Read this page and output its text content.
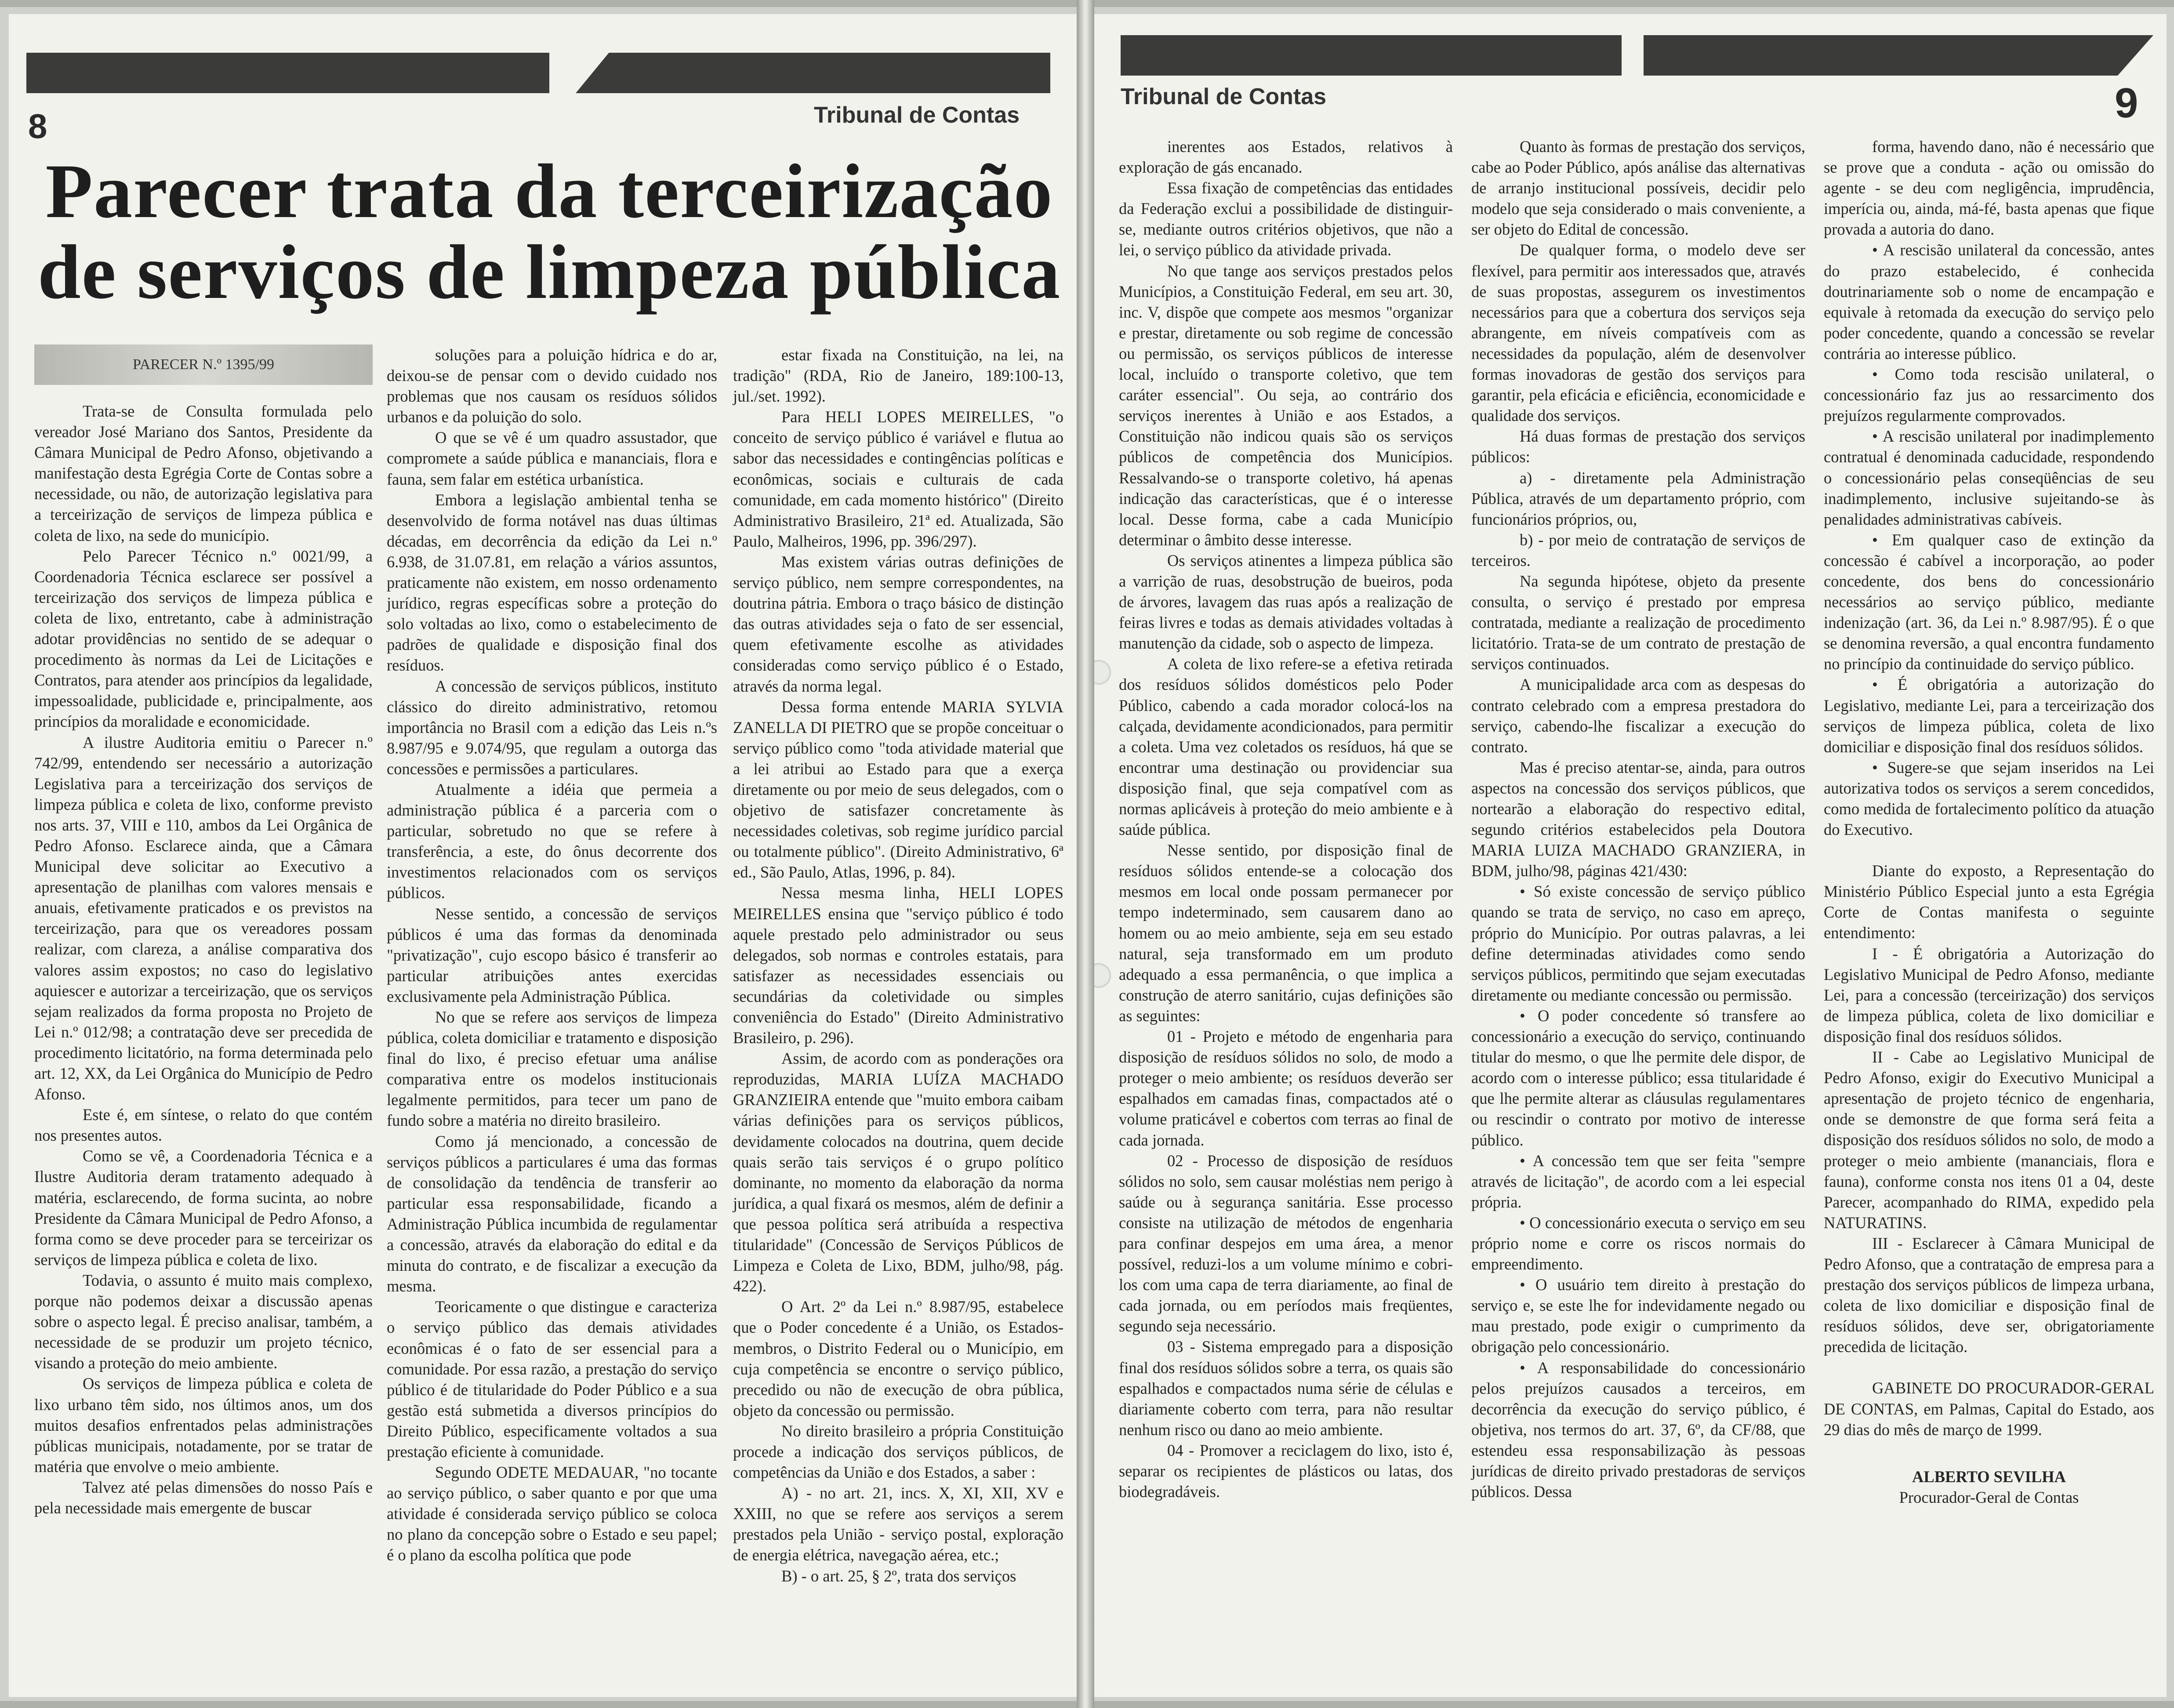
8	Tribunal de Contas
Parecer trata da terceirização de serviços de limpeza pública
PARECER N.º 1395/99

Trata-se de Consulta formulada pelo vereador José Mariano dos Santos, Presidente da Câmara Municipal de Pedro Afonso, objetivando a manifestação desta Egrégia Corte de Contas sobre a necessidade, ou não, de autorização legislativa para a terceirização de serviços de limpeza pública e coleta de lixo, na sede do município.

Pelo Parecer Técnico n.º 0021/99, a Coordenadoria Técnica esclarece ser possível a terceirização dos serviços de limpeza pública e coleta de lixo, entretanto, cabe à administração adotar providências no sentido de se adequar o procedimento às normas da Lei de Licitações e Contratos, para atender aos princípios da legalidade, impessoalidade, publicidade e, principalmente, aos princípios da moralidade e economicidade.

A ilustre Auditoria emitiu o Parecer n.º 742/99, entendendo ser necessário a autorização Legislativa para a terceirização dos serviços de limpeza pública e coleta de lixo, conforme previsto nos arts. 37, VIII e 110, ambos da Lei Orgânica de Pedro Afonso. Esclarece ainda, que a Câmara Municipal deve solicitar ao Executivo a apresentação de planilhas com valores mensais e anuais, efetivamente praticados e os previstos na terceirização, para que os vereadores possam realizar, com clareza, a análise comparativa dos valores assim expostos; no caso do legislativo aquiescer e autorizar a terceirização, que os serviços sejam realizados da forma proposta no Projeto de Lei n.º 012/98; a contratação deve ser precedida de procedimento licitatório, na forma determinada pelo art. 12, XX, da Lei Orgânica do Município de Pedro Afonso.

Este é, em síntese, o relato do que contém nos presentes autos.

Como se vê, a Coordenadoria Técnica e a Ilustre Auditoria deram tratamento adequado à matéria, esclarecendo, de forma sucinta, ao nobre Presidente da Câmara Municipal de Pedro Afonso, a forma como se deve proceder para se terceirizar os serviços de limpeza pública e coleta de lixo.

Todavia, o assunto é muito mais complexo, porque não podemos deixar a discussão apenas sobre o aspecto legal. É preciso analisar, também, a necessidade de se produzir um projeto técnico, visando a proteção do meio ambiente.

Os serviços de limpeza pública e coleta de lixo urbano têm sido, nos últimos anos, um dos muitos desafios enfrentados pelas administrações públicas municipais, notadamente, por se tratar de matéria que envolve o meio ambiente.

Talvez até pelas dimensões do nosso País e pela necessidade mais emergente de buscar

soluções para a poluição hídrica e do ar, deixou-se de pensar com o devido cuidado nos problemas que nos causam os resíduos sólidos urbanos e da poluição do solo.

O que se vê é um quadro assustador, que compromete a saúde pública e mananciais, flora e fauna, sem falar em estética urbanística.

Embora a legislação ambiental tenha se desenvolvido de forma notável nas duas últimas décadas, em decorrência da edição da Lei n.º 6.938, de 31.07.81, em relação a vários assuntos, praticamente não existem, em nosso ordenamento jurídico, regras específicas sobre a proteção do solo voltadas ao lixo, como o estabelecimento de padrões de qualidade e disposição final dos resíduos.

A concessão de serviços públicos, instituto clássico do direito administrativo, retomou importância no Brasil com a edição das Leis n.ºs 8.987/95 e 9.074/95, que regulam a outorga das concessões e permissões a particulares.

Atualmente a idéia que permeia a administração pública é a parceria com o particular, sobretudo no que se refere à transferência, a este, do ônus decorrente dos investimentos relacionados com os serviços públicos.

Nesse sentido, a concessão de serviços públicos é uma das formas da denominada "privatização", cujo escopo básico é transferir ao particular atribuições antes exercidas exclusivamente pela Administração Pública.

No que se refere aos serviços de limpeza pública, coleta domiciliar e tratamento e disposição final do lixo, é preciso efetuar uma análise comparativa entre os modelos institucionais legalmente permitidos, para tecer um pano de fundo sobre a matéria no direito brasileiro.

Como já mencionado, a concessão de serviços públicos a particulares é uma das formas de consolidação da tendência de transferir ao particular essa responsabilidade, ficando a Administração Pública incumbida de regulamentar a concessão, através da elaboração do edital e da minuta do contrato, e de fiscalizar a execução da mesma.

Teoricamente o que distingue e caracteriza o serviço público das demais atividades econômicas é o fato de ser essencial para a comunidade. Por essa razão, a prestação do serviço público é de titularidade do Poder Público e a sua gestão está submetida a diversos princípios do Direito Público, especificamente voltados a sua prestação eficiente à comunidade.

Segundo ODETE MEDAUAR, "no tocante ao serviço público, o saber quanto e por que uma atividade é considerada serviço público se coloca no plano da concepção sobre o Estado e seu papel; é o plano da escolha política que pode

estar fixada na Constituição, na lei, na tradição" (RDA, Rio de Janeiro, 189:100-13, jul./set. 1992).

Para HELI LOPES MEIRELLES, "o conceito de serviço público é variável e flutua ao sabor das necessidades e contingências políticas e econômicas, sociais e culturais de cada comunidade, em cada momento histórico" (Direito Administrativo Brasileiro, 21ª ed. Atualizada, São Paulo, Malheiros, 1996, pp. 396/297).

Mas existem várias outras definições de serviço público, nem sempre correspondentes, na doutrina pátria. Embora o traço básico de distinção das outras atividades seja o fato de ser essencial, quem efetivamente escolhe as atividades consideradas como serviço público é o Estado, através da norma legal.

Dessa forma entende MARIA SYLVIA ZANELLA DI PIETRO que se propõe conceituar o serviço público como "toda atividade material que a lei atribui ao Estado para que a exerça diretamente ou por meio de seus delegados, com o objetivo de satisfazer concretamente às necessidades coletivas, sob regime jurídico parcial ou totalmente público". (Direito Administrativo, 6ª ed., São Paulo, Atlas, 1996, p. 84).

Nessa mesma linha, HELI LOPES MEIRELLES ensina que "serviço público é todo aquele prestado pelo administrador ou seus delegados, sob normas e controles estatais, para satisfazer as necessidades essenciais ou secundárias da coletividade ou simples conveniência do Estado" (Direito Administrativo Brasileiro, p. 296).

Assim, de acordo com as ponderações ora reproduzidas, MARIA LUÍZA MACHADO GRANZIEIRA entende que "muito embora caibam várias definições para os serviços públicos, devidamente colocados na doutrina, quem decide quais serão tais serviços é o grupo político dominante, no momento da elaboração da norma jurídica, a qual fixará os mesmos, além de definir a que pessoa política será atribuída a respectiva titularidade" (Concessão de Serviços Públicos de Limpeza e Coleta de Lixo, BDM, julho/98, pág. 422).

O Art. 2º da Lei n.º 8.987/95, estabelece que o Poder concedente é a União, os Estados-membros, o Distrito Federal ou o Município, em cuja competência se encontre o serviço público, precedido ou não de execução de obra pública, objeto da concessão ou permissão.

No direito brasileiro a própria Constituição procede a indicação dos serviços públicos, de competências da União e dos Estados, a saber :

A) - no art. 21, incs. X, XI, XII, XV e XXIII, no que se refere aos serviços a serem prestados pela União - serviço postal, exploração de energia elétrica, navegação aérea, etc.;

B) - o art. 25, § 2º, trata dos serviços

Tribunal de Contas	9

inerentes aos Estados, relativos à exploração de gás encanado.

Essa fixação de competências das entidades da Federação exclui a possibilidade de distinguir-se, mediante outros critérios objetivos, que não a lei, o serviço público da atividade privada.

No que tange aos serviços prestados pelos Municípios, a Constituição Federal, em seu art. 30, inc. V, dispõe que compete aos mesmos "organizar e prestar, diretamente ou sob regime de concessão ou permissão, os serviços públicos de interesse local, incluído o transporte coletivo, que tem caráter essencial". Ou seja, ao contrário dos serviços inerentes à União e aos Estados, a Constituição não indicou quais são os serviços públicos de competência dos Municípios. Ressalvando-se o transporte coletivo, há apenas indicação das características, que é o interesse local. Desse forma, cabe a cada Município determinar o âmbito desse interesse.

Os serviços atinentes a limpeza pública são a varrição de ruas, desobstrução de bueiros, poda de árvores, lavagem das ruas após a realização de feiras livres e todas as demais atividades voltadas à manutenção da cidade, sob o aspecto de limpeza.

A coleta de lixo refere-se a efetiva retirada dos resíduos sólidos domésticos pelo Poder Público, cabendo a cada morador colocá-los na calçada, devidamente acondicionados, para permitir a coleta. Uma vez coletados os resíduos, há que se encontrar uma destinação ou providenciar sua disposição final, que seja compatível com as normas aplicáveis à proteção do meio ambiente e à saúde pública.

Nesse sentido, por disposição final de resíduos sólidos entende-se a colocação dos mesmos em local onde possam permanecer por tempo indeterminado, sem causarem dano ao homem ou ao meio ambiente, seja em seu estado natural, seja transformado em um produto adequado a essa permanência, o que implica a construção de aterro sanitário, cujas definições são as seguintes:

01 - Projeto e método de engenharia para disposição de resíduos sólidos no solo, de modo a proteger o meio ambiente; os resíduos deverão ser espalhados em camadas finas, compactados até o volume praticável e cobertos com terras ao final de cada jornada.

02 - Processo de disposição de resíduos sólidos no solo, sem causar moléstias nem perigo à saúde ou à segurança sanitária. Esse processo consiste na utilização de métodos de engenharia para confinar despejos em uma área, a menor possível, reduzi-los a um volume mínimo e cobri-los com uma capa de terra diariamente, ao final de cada jornada, ou em períodos mais freqüentes, segundo seja necessário.

03 - Sistema empregado para a disposição final dos resíduos sólidos sobre a terra, os quais são espalhados e compactados numa série de células e diariamente coberto com terra, para não resultar nenhum risco ou dano ao meio ambiente.

04 - Promover a reciclagem do lixo, isto é, separar os recipientes de plásticos ou latas, dos biodegradáveis.

Quanto às formas de prestação dos serviços, cabe ao Poder Público, após análise das alternativas de arranjo institucional possíveis, decidir pelo modelo que seja considerado o mais conveniente, a ser objeto do Edital de concessão.

De qualquer forma, o modelo deve ser flexível, para permitir aos interessados que, através de suas propostas, assegurem os investimentos necessários para que a cobertura dos serviços seja abrangente, em níveis compatíveis com as necessidades da população, além de desenvolver formas inovadoras de gestão dos serviços para garantir, pela eficácia e eficiência, economicidade e qualidade dos serviços.

Há duas formas de prestação dos serviços públicos:

a) - diretamente pela Administração Pública, através de um departamento próprio, com funcionários próprios, ou,

b) - por meio de contratação de serviços de terceiros.

Na segunda hipótese, objeto da presente consulta, o serviço é prestado por empresa contratada, mediante a realização de procedimento licitatório. Trata-se de um contrato de prestação de serviços continuados.

A municipalidade arca com as despesas do contrato celebrado com a empresa prestadora do serviço, cabendo-lhe fiscalizar a execução do contrato.

Mas é preciso atentar-se, ainda, para outros aspectos na concessão dos serviços públicos, que nortearão a elaboração do respectivo edital, segundo critérios estabelecidos pela Doutora MARIA LUIZA MACHADO GRANZIERA, in BDM, julho/98, páginas 421/430:

• Só existe concessão de serviço público quando se trata de serviço, no caso em apreço, próprio do Município. Por outras palavras, a lei define determinadas atividades como sendo serviços públicos, permitindo que sejam executadas diretamente ou mediante concessão ou permissão.

• O poder concedente só transfere ao concessionário a execução do serviço, continuando titular do mesmo, o que lhe permite dele dispor, de acordo com o interesse público; essa titularidade é que lhe permite alterar as cláusulas regulamentares ou rescindir o contrato por motivo de interesse público.

• A concessão tem que ser feita "sempre através de licitação", de acordo com a lei especial própria.

• O concessionário executa o serviço em seu próprio nome e corre os riscos normais do empreendimento.

• O usuário tem direito à prestação do serviço e, se este lhe for indevidamente negado ou mau prestado, pode exigir o cumprimento da obrigação pelo concessionário.

• A responsabilidade do concessionário pelos prejuízos causados a terceiros, em decorrência da execução do serviço público, é objetiva, nos termos do art. 37, 6º, da CF/88, que estendeu essa responsabilização às pessoas jurídicas de direito privado prestadoras de serviços públicos. Dessa

forma, havendo dano, não é necessário que se prove que a conduta - ação ou omissão do agente - se deu com negligência, imprudência, imperícia ou, ainda, má-fé, basta apenas que fique provada a autoria do dano.

• A rescisão unilateral da concessão, antes do prazo estabelecido, é conhecida doutrinariamente sob o nome de encampação e equivale à retomada da execução do serviço pelo poder concedente, quando a concessão se revelar contrária ao interesse público.

• Como toda rescisão unilateral, o concessionário faz jus ao ressarcimento dos prejuízos regularmente comprovados.

• A rescisão unilateral por inadimplemento contratual é denominada caducidade, respondendo o concessionário pelas conseqüências de seu inadimplemento, inclusive sujeitando-se às penalidades administrativas cabíveis.

• Em qualquer caso de extinção da concessão é cabível a incorporação, ao poder concedente, dos bens do concessionário necessários ao serviço público, mediante indenização (art. 36, da Lei n.º 8.987/95). É o que se denomina reversão, a qual encontra fundamento no princípio da continuidade do serviço público.

• É obrigatória a autorização do Legislativo, mediante Lei, para a terceirização dos serviços de limpeza pública, coleta de lixo domiciliar e disposição final dos resíduos sólidos.

• Sugere-se que sejam inseridos na Lei autorizativa todos os serviços a serem concedidos, como medida de fortalecimento político da atuação do Executivo.

Diante do exposto, a Representação do Ministério Público Especial junto a esta Egrégia Corte de Contas manifesta o seguinte entendimento:

I - É obrigatória a Autorização do Legislativo Municipal de Pedro Afonso, mediante Lei, para a concessão (terceirização) dos serviços de limpeza pública, coleta de lixo domiciliar e disposição final dos resíduos sólidos.

II - Cabe ao Legislativo Municipal de Pedro Afonso, exigir do Executivo Municipal a apresentação de projeto técnico de engenharia, onde se demonstre de que forma será feita a disposição dos resíduos sólidos no solo, de modo a proteger o meio ambiente (mananciais, flora e fauna), conforme consta nos itens 01 a 04, deste Parecer, acompanhado do RIMA, expedido pela NATURATINS.

III - Esclarecer à Câmara Municipal de Pedro Afonso, que a contratação de empresa para a prestação dos serviços públicos de limpeza urbana, coleta de lixo domiciliar e disposição final de resíduos sólidos, deve ser, obrigatoriamente precedida de licitação.

GABINETE DO PROCURADOR-GERAL DE CONTAS, em Palmas, Capital do Estado, aos 29 dias do mês de março de 1999.

ALBERTO SEVILHA

Procurador-Geral de Contas
